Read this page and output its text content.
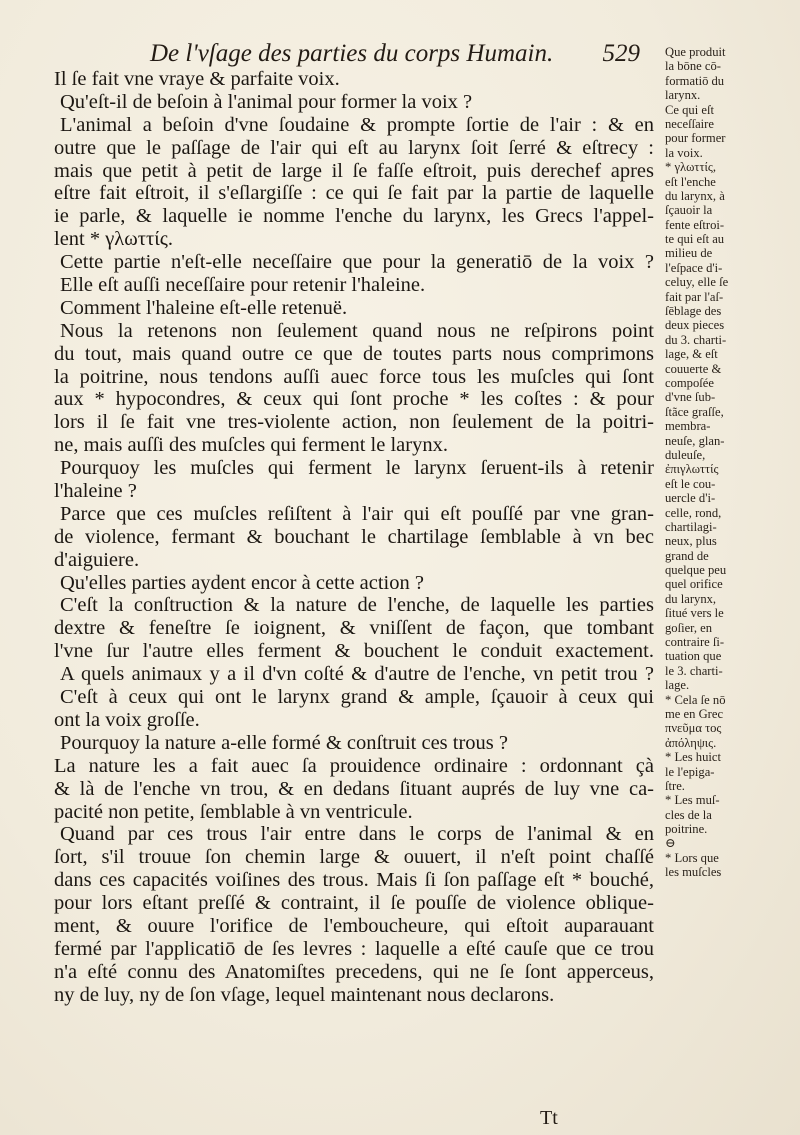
De l'vſage des parties du corps Humain. 529
Il ſe fait vne vraye & parfaite voix.
Qu'eſt-il de beſoin à l'animal pour former la voix ?
L'animal a beſoin d'vne ſoudaine & prompte ſortie de l'air : & en
outre que le paſſage de l'air qui eſt au larynx ſoit ſerré & eſtrecy :
mais que petit à petit de large il ſe faſſe eſtroit, puis derechef apres
eſtre fait eſtroit, il s'eſlargiſſe : ce qui ſe fait par la partie de laquelle
ie parle, & laquelle ie nomme l'enche du larynx, les Grecs l'appel-
lent * γλωττίς.
Cette partie n'eſt-elle neceſſaire que pour la generatiō de la voix ?
Elle eſt auſſi neceſſaire pour retenir l'haleine.
Comment l'haleine eſt-elle retenuë.
Nous la retenons non ſeulement quand nous ne reſpirons point
du tout, mais quand outre ce que de toutes parts nous comprimons
la poitrine, nous tendons auſſi auec force tous les muſcles qui ſont
aux * hypocondres, & ceux qui ſont proche * les coſtes : & pour
lors il ſe fait vne tres-violente action, non ſeulement de la poitri-
ne, mais auſſi des muſcles qui ferment le larynx.
Pourquoy les muſcles qui ferment le larynx ſeruent-ils à retenir
l'haleine ?
Parce que ces muſcles reſiſtent à l'air qui eſt pouſſé par vne gran-
de violence, fermant & bouchant le chartilage ſemblable à vn bec
d'aiguiere.
Qu'elles parties aydent encor à cette action ?
C'eſt la conſtruction & la nature de l'enche, de laquelle les parties
dextre & feneſtre ſe ioignent, & vniſſent de façon, que tombant
l'vne ſur l'autre elles ferment & bouchent le conduit exactement.
A quels animaux y a il d'vn coſté & d'autre de l'enche, vn petit trou ?
C'eſt à ceux qui ont le larynx grand & ample, ſçauoir à ceux qui
ont la voix groſſe.
Pourquoy la nature a-elle formé & conſtruit ces trous ?
La nature les a fait auec ſa prouidence ordinaire : ordonnant çà
& là de l'enche vn trou, & en dedans ſituant auprés de luy vne ca-
pacité non petite, ſemblable à vn ventricule.
Quand par ces trous l'air entre dans le corps de l'animal & en
ſort, s'il trouue ſon chemin large & ouuert, il n'eſt point chaſſé
dans ces capacités voiſines des trous. Mais ſi ſon paſſage eſt * bouché,
pour lors eſtant preſſé & contraint, il ſe pouſſe de violence oblique-
ment, & ouure l'orifice de l'emboucheure, qui eſtoit auparauant
fermé par l'applicatiō de ſes levres : laquelle a eſté cauſe que ce trou
n'a eſté connu des Anatomiſtes precedens, qui ne ſe ſont apperceus,
ny de luy, ny de ſon vſage, lequel maintenant nous declarons.
Que produit
la bōne cō-
formatiō du
larynx.
Ce qui eſt
neceſſaire
pour former
la voix.
* γλωττίς,
eſt l'enche
du larynx, à
ſçauoir la
fente eſtroi-
te qui eſt au
milieu de
l'eſpace d'i-
celuy, elle ſe
fait par l'aſ-
ſēblage des
deux pieces
du 3. charti-
lage, & eſt
couuerte &
compoſée
d'vne ſub-
ſtãce graſſe,
membra-
neuſe, glan-
duleuſe,
ἐπιγλωττίς
eſt le cou-
uercle d'i-
celle, rond,
chartilagi-
neux, plus
grand de
quelque peu
quel orifice
du larynx,
ſitué vers le
goſier, en
contraire ſi-
tuation que
le 3. charti-
lage.
* Cela ſe nō
me en Grec
πνεῦμα τος
ἀπόληψις.
* Les huict
le l'epiga-
ſtre.
* Les muſ-
cles de la
poitrine.
⊖
* Lors que
les muſcles
Tt
